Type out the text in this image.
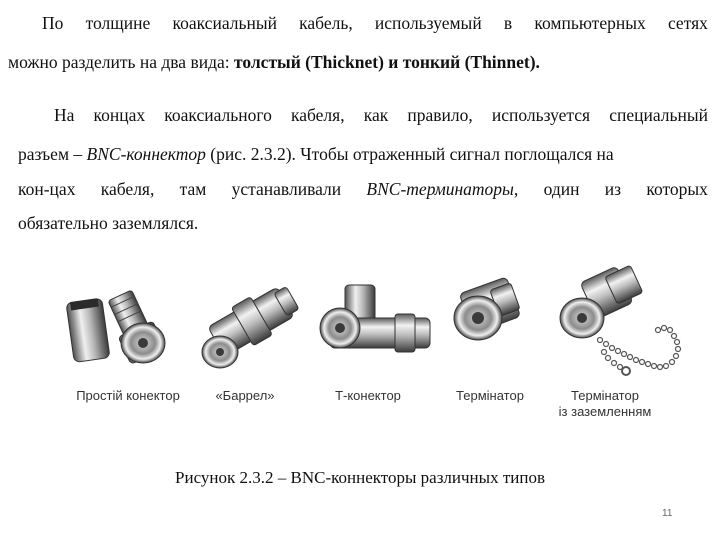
По толщине коаксиальный кабель, используемый в компьютерных сетях
можно разделить на два вида: толстый (Thicknet) и тонкий (Thinnet).
На концах коаксиального кабеля, как правило, используется специальный
разъем – BNC-коннектор (рис. 2.3.2). Чтобы отраженный сигнал поглощался на
кон-цах кабеля, там устанавливали BNC-терминаторы, один из которых
обязательно заземлялся.
Простій конектор	«Баррел»	Т-конектор	Термінатор	Термінатор
із заземленням
Рисунок 2.3.2 – BNC-коннекторы различных типов
11
